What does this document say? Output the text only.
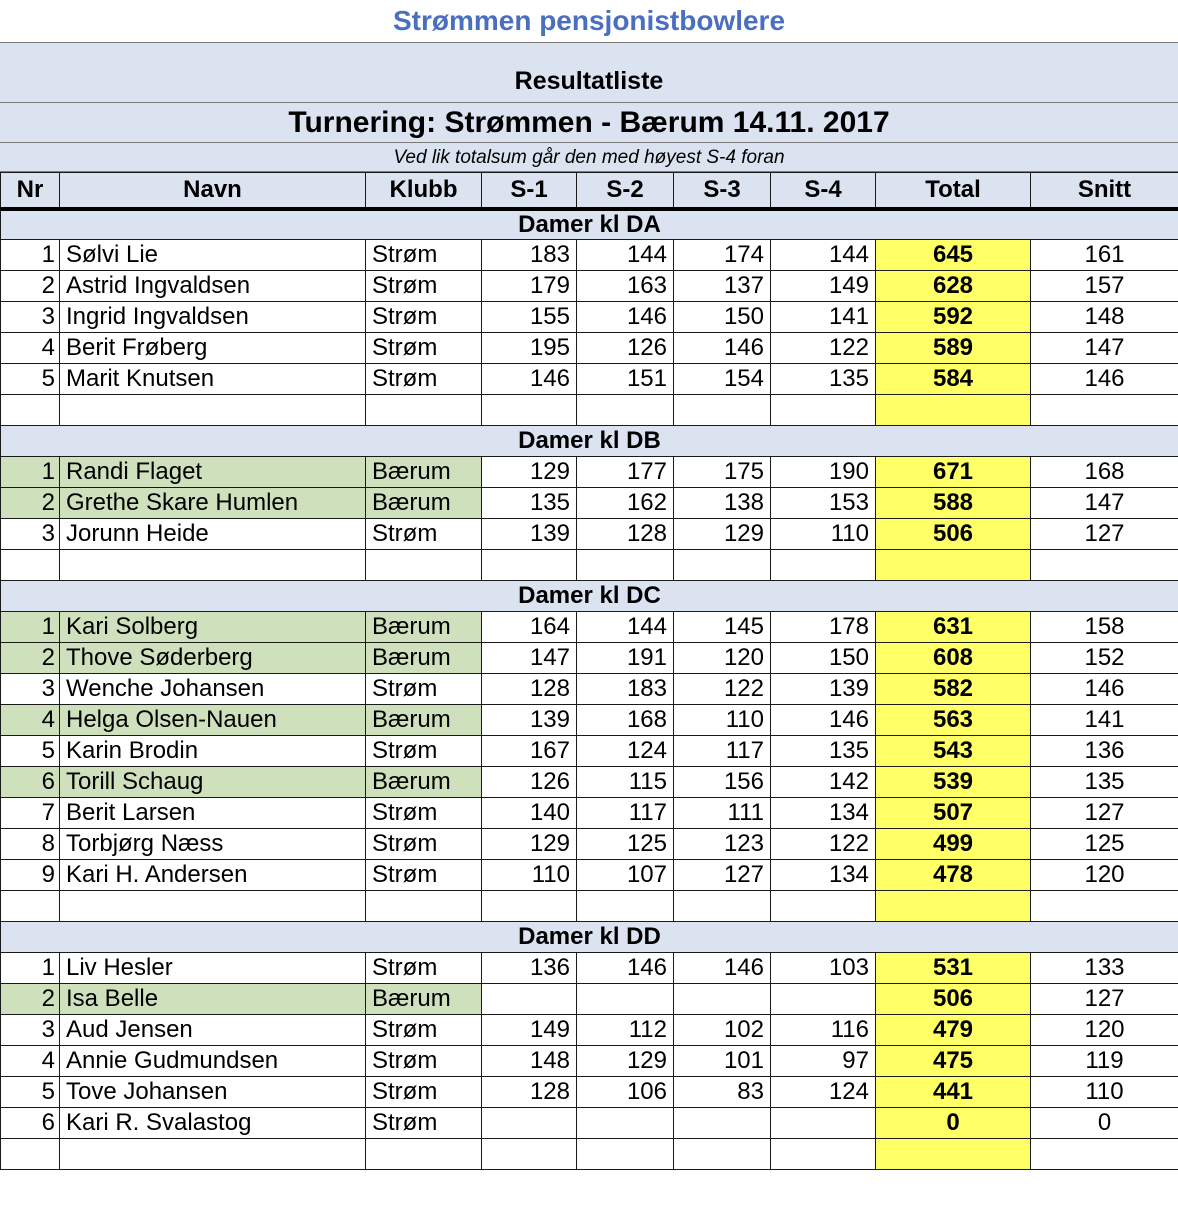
Strømmen pensjonistbowlere
Resultatliste
Turnering: Strømmen - Bærum 14.11. 2017
Ved lik totalsum går den med høyest S-4 foran
Nr	Navn	Klubb	S-1	S-2	S-3	S-4	Total	Snitt
Damer kl DA								
1	Sølvi Lie	Strøm	183	144	174	144	645	161
2	Astrid Ingvaldsen	Strøm	179	163	137	149	628	157
3	Ingrid Ingvaldsen	Strøm	155	146	150	141	592	148
4	Berit Frøberg	Strøm	195	126	146	122	589	147
5	Marit Knutsen	Strøm	146	151	154	135	584	146

Damer kl DB								
1	Randi Flaget	Bærum	129	177	175	190	671	168
2	Grethe Skare Humlen	Bærum	135	162	138	153	588	147
3	Jorunn Heide	Strøm	139	128	129	110	506	127

Damer kl DC								
1	Kari Solberg	Bærum	164	144	145	178	631	158
2	Thove Søderberg	Bærum	147	191	120	150	608	152
3	Wenche Johansen	Strøm	128	183	122	139	582	146
4	Helga Olsen-Nauen	Bærum	139	168	110	146	563	141
5	Karin Brodin	Strøm	167	124	117	135	543	136
6	Torill Schaug	Bærum	126	115	156	142	539	135
7	Berit Larsen	Strøm	140	117	111	134	507	127
8	Torbjørg Næss	Strøm	129	125	123	122	499	125
9	Kari H. Andersen	Strøm	110	107	127	134	478	120

Damer kl DD								
1	Liv Hesler	Strøm	136	146	146	103	531	133
2	Isa Belle	Bærum					506	127
3	Aud Jensen	Strøm	149	112	102	116	479	120
4	Annie Gudmundsen	Strøm	148	129	101	97	475	119
5	Tove Johansen	Strøm	128	106	83	124	441	110
6	Kari R. Svalastog	Strøm					0	0
